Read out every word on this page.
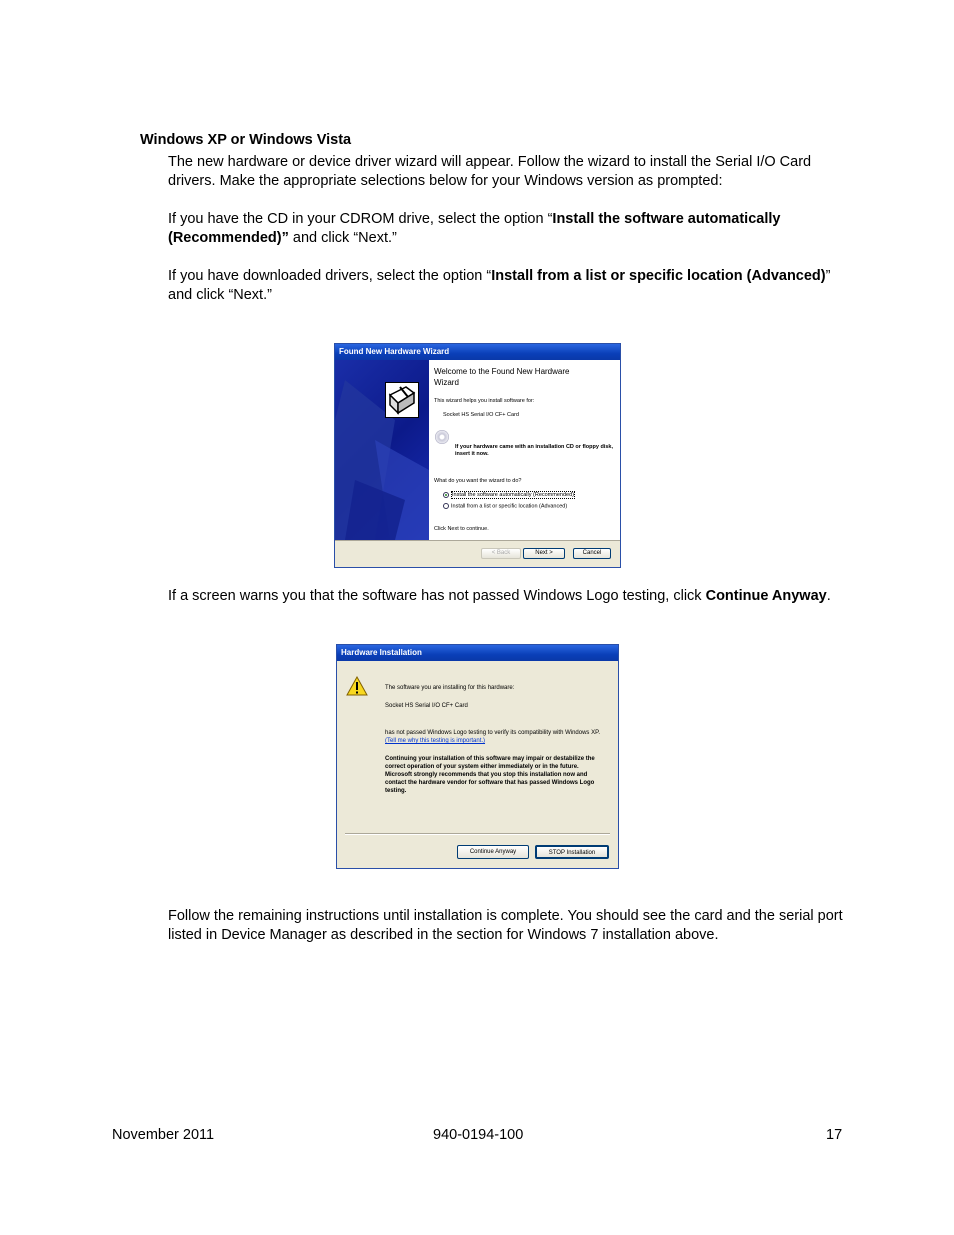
Windows XP or Windows Vista
The new hardware or device driver wizard will appear. Follow the wizard to install the Serial I/O Card drivers. Make the appropriate selections below for your Windows version as prompted:
If you have the CD in your CDROM drive, select the option “Install the software automatically (Recommended)” and click “Next.”
If you have downloaded drivers, select the option “Install from a list or specific location (Advanced)” and click “Next.”
Found New Hardware Wizard
Welcome to the Found New Hardware Wizard
This wizard helps you install software for:
Socket HS Serial I/O CF+ Card
If your hardware came with an installation CD or floppy disk, insert it now.
What do you want the wizard to do?
Install the software automatically (Recommended)
Install from a list or specific location (Advanced)
Click Next to continue.
< Back	Next >	Cancel
If a screen warns you that the software has not passed Windows Logo testing, click Continue Anyway.
Hardware Installation
The software you are installing for this hardware:
Socket HS Serial I/O CF+ Card
has not passed Windows Logo testing to verify its compatibility with Windows XP. (Tell me why this testing is important.)
Continuing your installation of this software may impair or destabilize the correct operation of your system either immediately or in the future. Microsoft strongly recommends that you stop this installation now and contact the hardware vendor for software that has passed Windows Logo testing.
Continue Anyway	STOP Installation
Follow the remaining instructions until installation is complete. You should see the card and the serial port listed in Device Manager as described in the section for Windows 7 installation above.
November 2011	940-0194-100	17
